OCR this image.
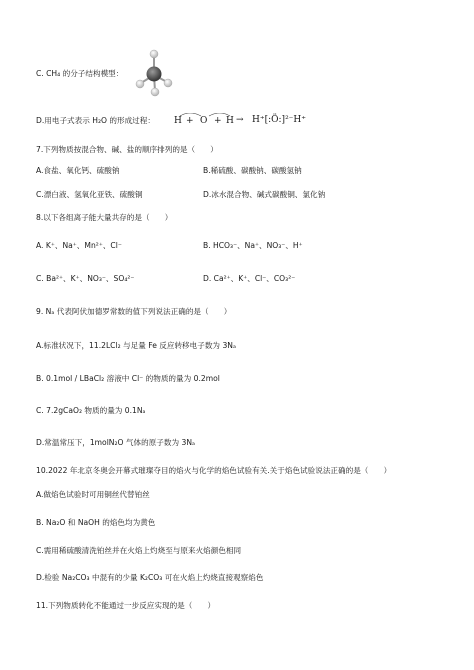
C. CH₄ 的分子结构模型：
D.用电子式表示 H₂O 的形成过程： H + O + H → H⁺[:Ö:]²⁻H⁺
7.下列物质按混合物、碱、盐的顺序排列的是（　　）
A.食盐、氧化钙、硫酸钠	B.稀硫酸、碳酸钠、碳酸氢钠
C.漂白液、氢氧化亚铁、硫酸铜	D.冰水混合物、碱式碳酸铜、氯化钠
8.以下各组离子能大量共存的是（　　）
A. K⁺、Na⁺、Mn²⁺、Cl⁻	B. HCO₃⁻、Na⁺、NO₃⁻、H⁺
C. Ba²⁺、K⁺、NO₃⁻、SO₄²⁻	D. Ca²⁺、K⁺、Cl⁻、CO₃²⁻
9. Nₐ 代表阿伏加德罗常数的值下列说法正确的是（　　）
A.标准状况下，11.2LCl₂ 与足量 Fe 反应转移电子数为 3Nₐ
B. 0.1mol / LBaCl₂ 溶液中 Cl⁻ 的物质的量为 0.2mol
C. 7.2gCaO₂ 物质的量为 0.1Nₐ
D.常温常压下，1molN₂O 气体的原子数为 3Nₐ
10.2022 年北京冬奥会开幕式璀璨夺目的焰火与化学的焰色试验有关.关于焰色试验说法正确的是（　　）
A.做焰色试验时可用铜丝代替铂丝
B. Na₂O 和 NaOH 的焰色均为黄色
C.需用稀硫酸清洗铂丝并在火焰上灼烧至与原来火焰颜色相同
D.检验 Na₂CO₃ 中混有的少量 K₂CO₃ 可在火焰上灼烧直接观察焰色
11.下列物质转化不能通过一步反应实现的是（　　）
